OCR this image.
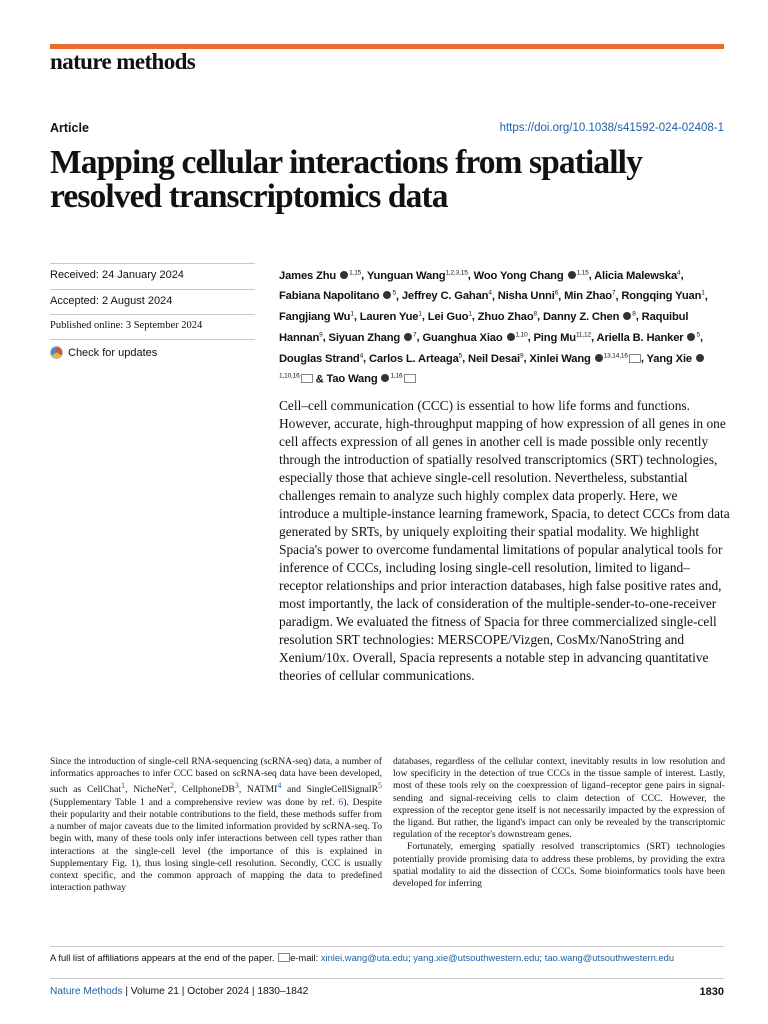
nature methods
Article	https://doi.org/10.1038/s41592-024-02408-1
Mapping cellular interactions from spatially resolved transcriptomics data
Received: 24 January 2024
Accepted: 2 August 2024
Published online: 3 September 2024
Check for updates
James Zhu $^{1,15}$, Yunguan Wang$^{1,2,3,15}$, Woo Yong Chang $^{1,15}$, Alicia Malewska$^4$, Fabiana Napolitano $^5$, Jeffrey C. Gahan$^4$, Nisha Unni$^6$, Min Zhao$^7$, Rongqing Yuan$^1$, Fangjiang Wu$^1$, Lauren Yue$^1$, Lei Guo$^1$, Zhuo Zhao$^8$, Danny Z. Chen $^8$, Raquibul Hannan$^9$, Siyuan Zhang $^7$, Guanghua Xiao $^{1,10}$, Ping Mu$^{11,12}$, Ariella B. Hanker $^5$, Douglas Strand$^4$, Carlos L. Arteaga$^5$, Neil Desai$^9$, Xinlei Wang $^{13,14,16}$ , Yang Xie $^{1,10,16}$ & Tao Wang $^{1,16}$
Cell–cell communication (CCC) is essential to how life forms and functions. However, accurate, high-throughput mapping of how expression of all genes in one cell affects expression of all genes in another cell is made possible only recently through the introduction of spatially resolved transcriptomics (SRT) technologies, especially those that achieve single-cell resolution. Nevertheless, substantial challenges remain to analyze such highly complex data properly. Here, we introduce a multiple-instance learning framework, Spacia, to detect CCCs from data generated by SRTs, by uniquely exploiting their spatial modality. We highlight Spacia's power to overcome fundamental limitations of popular analytical tools for inference of CCCs, including losing single-cell resolution, limited to ligand–receptor relationships and prior interaction databases, high false positive rates and, most importantly, the lack of consideration of the multiple-sender-to-one-receiver paradigm. We evaluated the fitness of Spacia for three commercialized single-cell resolution SRT technologies: MERSCOPE/Vizgen, CosMx/NanoString and Xenium/10x. Overall, Spacia represents a notable step in advancing quantitative theories of cellular communications.

Since the introduction of single-cell RNA-sequencing (scRNA-seq) data, a number of informatics approaches to infer CCC based on scRNA-seq data have been developed, such as CellChat$^1$, NicheNet$^2$, CellphoneDB$^3$, NATMI$^4$ and SingleCellSignalR$^5$ (Supplementary Table 1 and a comprehensive review was done by ref. 6). Despite their popularity and their notable contributions to the field, these methods suffer from a number of major caveats due to the limited information provided by scRNA-seq. To begin with, many of these tools only infer interactions between cell types rather than interactions at the single-cell level (the importance of this is explained in Supplementary Fig. 1), thus losing single-cell resolution. Secondly, CCC is usually context specific, and the common approach of mapping the data to predefined interaction pathway

databases, regardless of the cellular context, inevitably results in low resolution and low specificity in the detection of true CCCs in the tissue sample of interest. Lastly, most of these tools rely on the coexpression of ligand–receptor gene pairs in signal-sending and signal-receiving cells to claim detection of CCC. However, the expression of the receptor gene itself is not necessarily impacted by the expression of the ligand. But rather, the ligand's impact can only be revealed by the transcriptomic regulation of the receptor's downstream genes.

Fortunately, emerging spatially resolved transcriptomics (SRT) technologies potentially provide promising data to address these problems, by providing the extra spatial modality to aid the dissection of CCCs. Some bioinformatics tools have been developed for inferring

A full list of affiliations appears at the end of the paper. e-mail: xinlei.wang@uta.edu; yang.xie@utsouthwestern.edu; tao.wang@utsouthwestern.edu
Nature Methods | Volume 21 | October 2024 | 1830–1842	1830
